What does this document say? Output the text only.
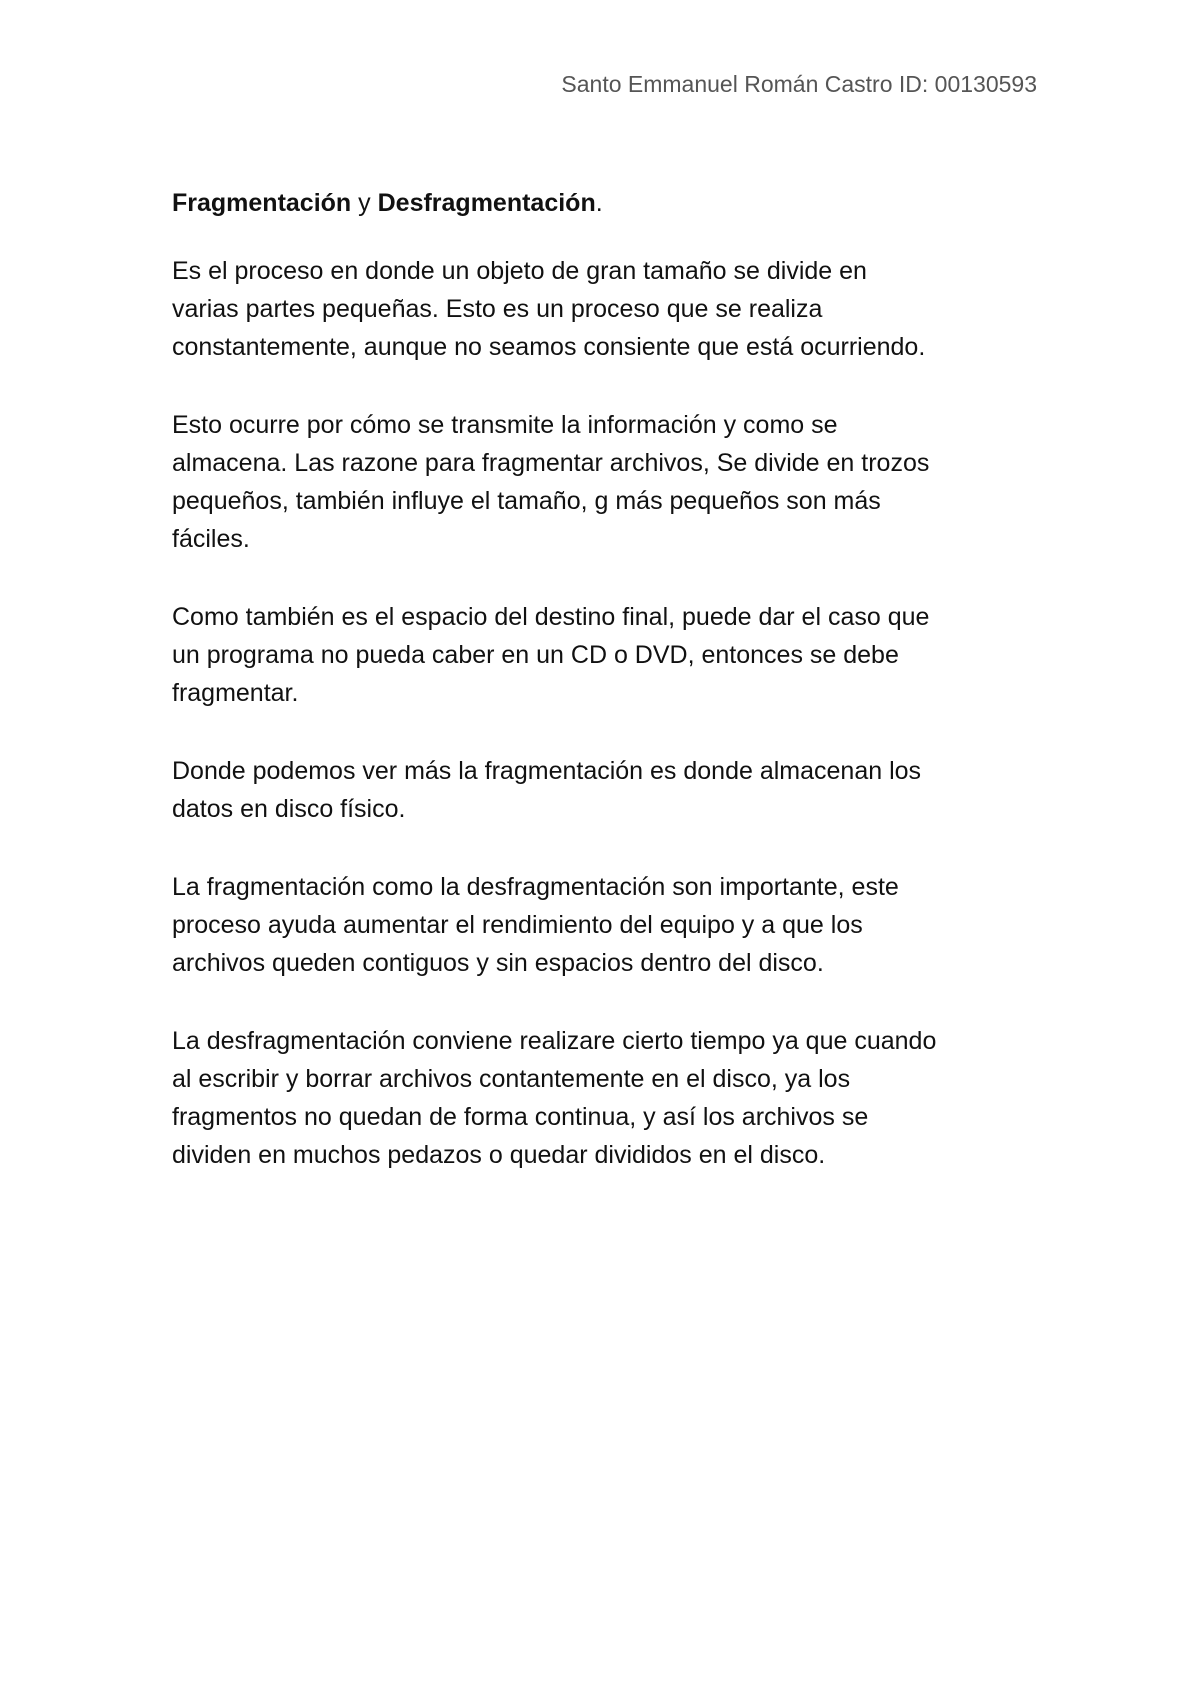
Santo Emmanuel Román Castro ID: 00130593
Fragmentación y Desfragmentación.
Es el proceso en donde un objeto de gran tamaño se divide en
varias partes pequeñas. Esto es un proceso que se realiza
constantemente, aunque no seamos consiente que está ocurriendo.
Esto ocurre por cómo se transmite la información y como se
almacena. Las razone para fragmentar archivos, Se divide en trozos
pequeños, también influye el tamaño, g más pequeños son más
fáciles.
Como también es el espacio del destino final, puede dar el caso que
un programa no pueda caber en un CD o DVD, entonces se debe
fragmentar.
Donde podemos ver más la fragmentación es donde almacenan los
datos en disco físico.
La fragmentación como la desfragmentación son importante, este
proceso ayuda aumentar el rendimiento del equipo y a que los
archivos queden contiguos y sin espacios dentro del disco.
La desfragmentación conviene realizare cierto tiempo ya que cuando
al escribir y borrar archivos contantemente en el disco, ya los
fragmentos no quedan de forma continua, y así los archivos se
dividen en muchos pedazos o quedar divididos en el disco.
